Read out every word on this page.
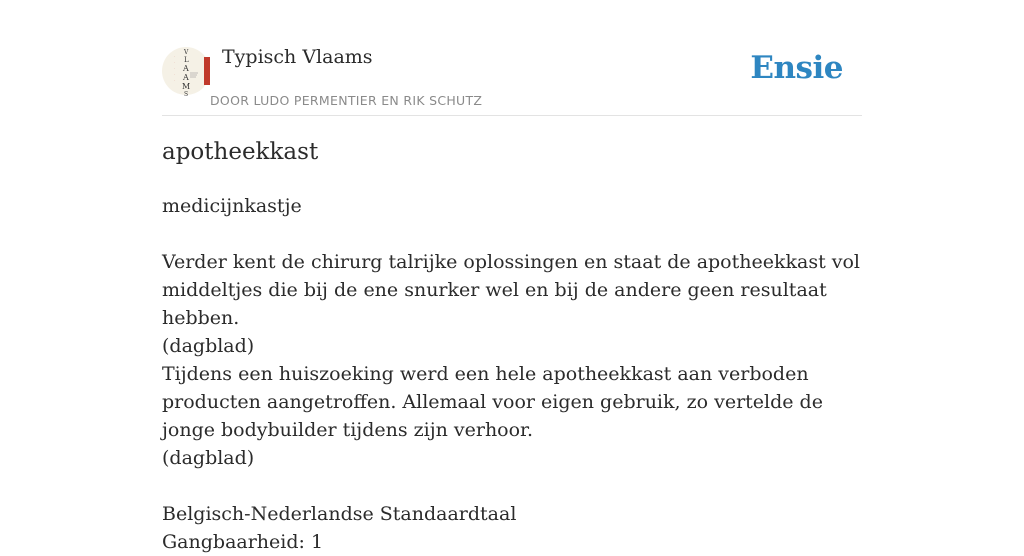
·
·
·
·
·
V
L
A
A
M
S
Typisch Vlaams
DOOR LUDO PERMENTIER EN RIK SCHUTZ
Ensie
apotheekkast

medicijnkastje

Verder kent de chirurg talrijke oplossingen en staat de apotheekkast vol middeltjes die bij de ene snurker wel en bij de andere geen resultaat hebben.

(dagblad)

Tijdens een huiszoeking werd een hele apotheekkast aan verboden producten aangetroffen. Allemaal voor eigen gebruik, zo vertelde de jonge bodybuilder tijdens zijn verhoor.

(dagblad)

Belgisch-Nederlandse Standaardtaal

Gangbaarheid: 1
